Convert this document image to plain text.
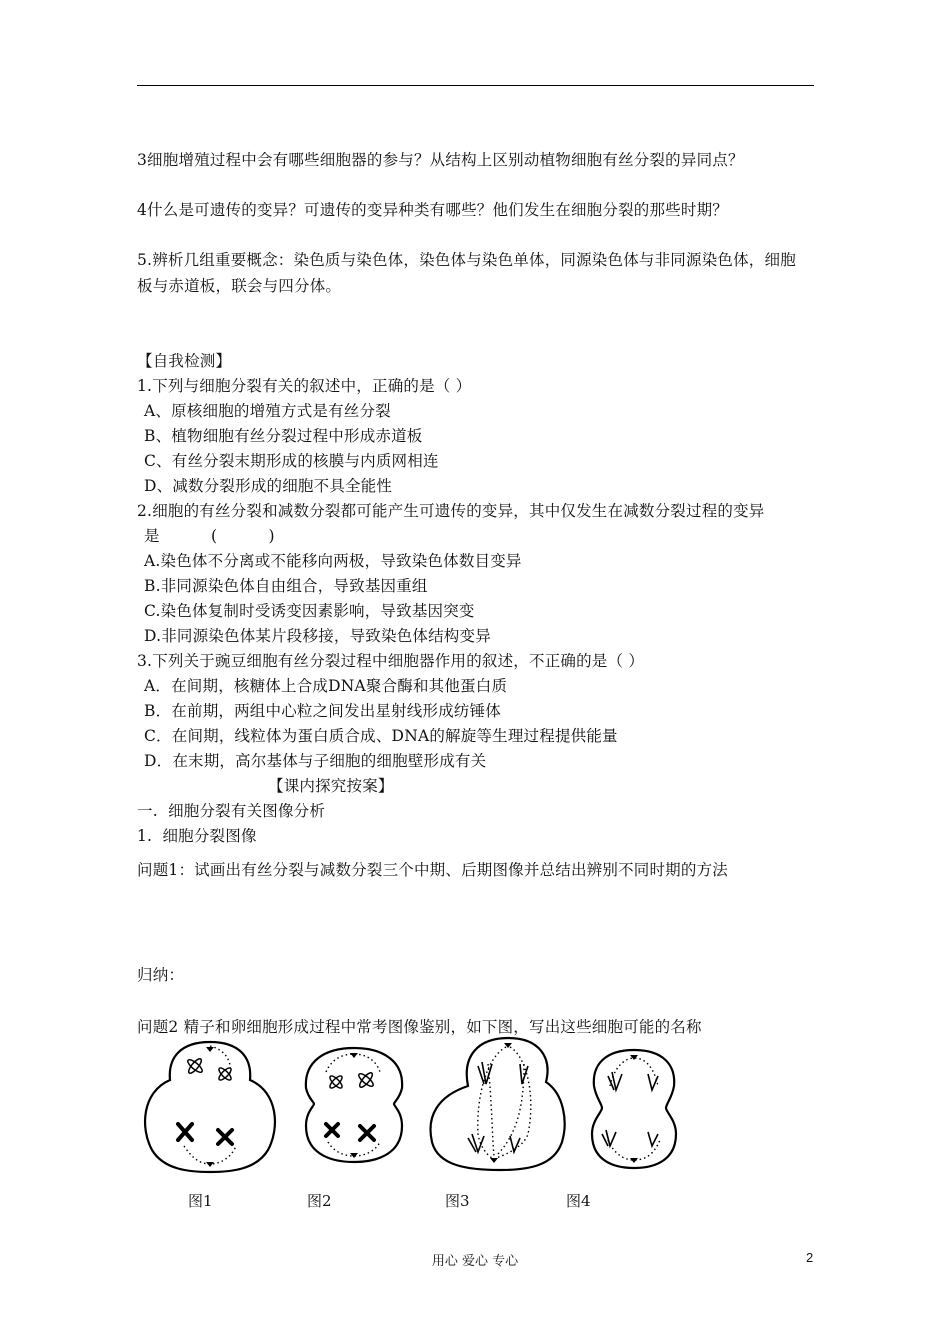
3细胞增殖过程中会有哪些细胞器的参与？从结构上区别动植物细胞有丝分裂的异同点？
4什么是可遗传的变异？可遗传的变异种类有哪些？他们发生在细胞分裂的那些时期？
5.辨析几组重要概念：染色质与染色体，染色体与染色单体，同源染色体与非同源染色体，细胞
板与赤道板，联会与四分体。
【自我检测】
1.下列与细胞分裂有关的叙述中，正确的是（ ）
A、原核细胞的增殖方式是有丝分裂
B、植物细胞有丝分裂过程中形成赤道板
C、有丝分裂末期形成的核膜与内质网相连
D、减数分裂形成的细胞不具全能性
2.细胞的有丝分裂和减数分裂都可能产生可遗传的变异，其中仅发生在减数分裂过程的变异
是          (          )
A.染色体不分离或不能移向两极，导致染色体数目变异
B.非同源染色体自由组合，导致基因重组
C.染色体复制时受诱变因素影响，导致基因突变
D.非同源染色体某片段移接，导致染色体结构变异
3.下列关于豌豆细胞有丝分裂过程中细胞器作用的叙述，不正确的是（ ）
A．在间期，核糖体上合成DNA聚合酶和其他蛋白质
B．在前期，两组中心粒之间发出星射线形成纺锤体
C．在间期，线粒体为蛋白质合成、DNA的解旋等生理过程提供能量
D．在末期，高尔基体与子细胞的细胞壁形成有关
【课内探究按案】
一.  细胞分裂有关图像分析
1.  细胞分裂图像
问题1：试画出有丝分裂与减数分裂三个中期、后期图像并总结出辨别不同时期的方法
归纳：
问题2 精子和卵细胞形成过程中常考图像鉴别，如下图，写出这些细胞可能的名称
图1	图2	图3	图4
用心 爱心 专心	2
